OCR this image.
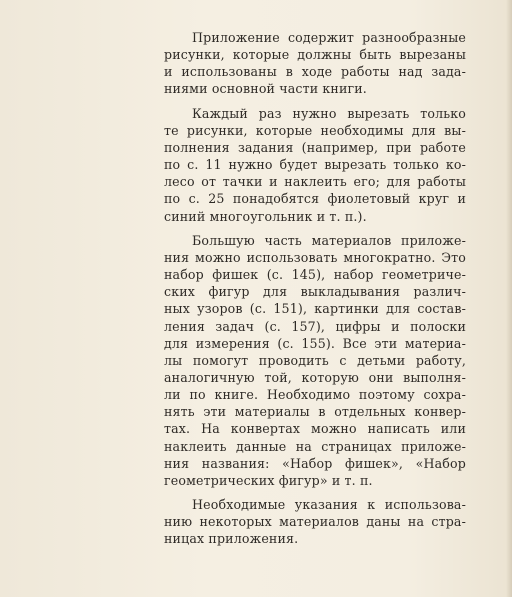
Приложение содержит разнообразные
рисунки, которые должны быть вырезаны
и использованы в ходе работы над зада-
ниями основной части книги.

Каждый раз нужно вырезать только
те рисунки, которые необходимы для вы-
полнения задания (например, при работе
по с. 11 нужно будет вырезать только ко-
лесо от тачки и наклеить его; для работы
по с. 25 понадобятся фиолетовый круг и
синий многоугольник и т. п.).

Большую часть материалов приложе-
ния можно использовать многократно. Это
набор фишек (с. 145), набор геометриче-
ских фигур для выкладывания различ-
ных узоров (с. 151), картинки для состав-
ления задач (с. 157), цифры и полоски
для измерения (с. 155). Все эти материа-
лы помогут проводить с детьми работу,
аналогичную той, которую они выполня-
ли по книге. Необходимо поэтому сохра-
нять эти материалы в отдельных конвер-
тах. На конвертах можно написать или
наклеить данные на страницах приложе-
ния названия: «Набор фишек», «Набор
геометрических фигур» и т. п.

Необходимые указания к использова-
нию некоторых материалов даны на стра-
ницах приложения.
